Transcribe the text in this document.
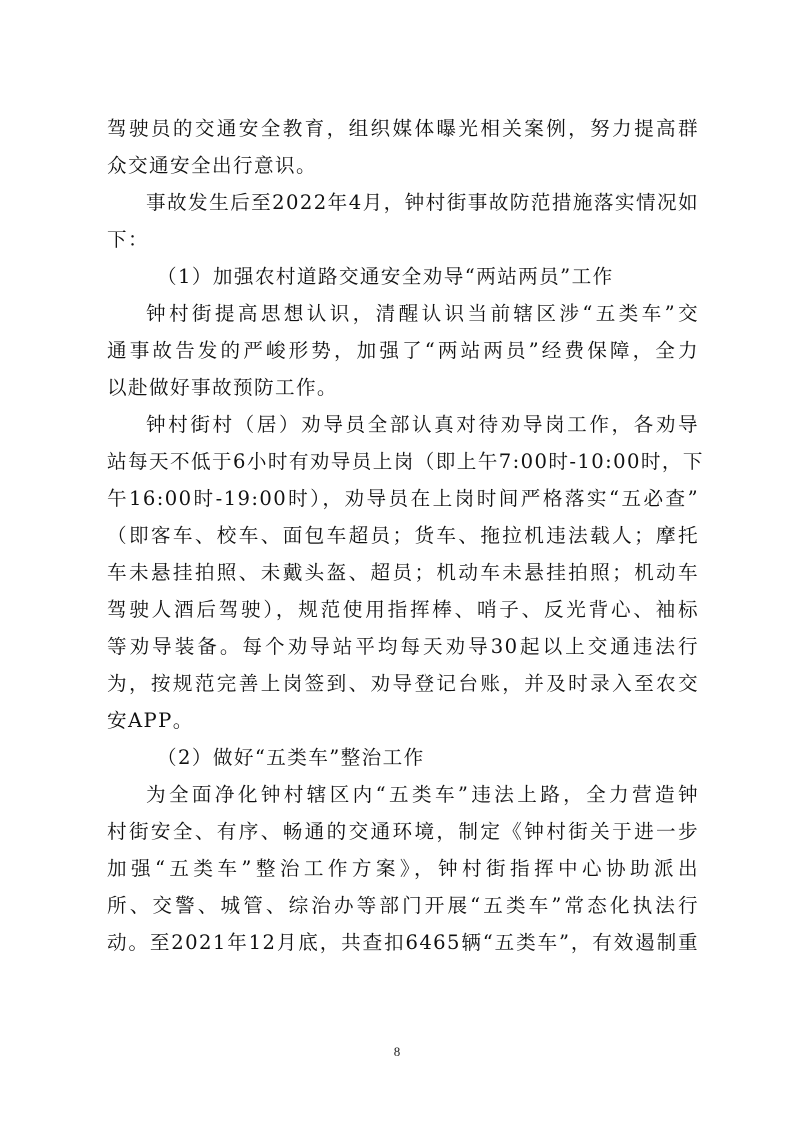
驾驶员的交通安全教育，组织媒体曝光相关案例，努力提高群
众交通安全出行意识。
事故发生后至2022年4月，钟村街事故防范措施落实情况如
下：
（1）加强农村道路交通安全劝导“两站两员”工作
钟村街提高思想认识，清醒认识当前辖区涉“五类车”交
通事故告发的严峻形势，加强了“两站两员”经费保障，全力
以赴做好事故预防工作。
钟村街村（居）劝导员全部认真对待劝导岗工作，各劝导
站每天不低于6小时有劝导员上岗（即上午7:00时-10:00时，下
午16:00时-19:00时），劝导员在上岗时间严格落实“五必查”
（即客车、校车、面包车超员；货车、拖拉机违法载人；摩托
车未悬挂拍照、未戴头盔、超员；机动车未悬挂拍照；机动车
驾驶人酒后驾驶），规范使用指挥棒、哨子、反光背心、袖标
等劝导装备。每个劝导站平均每天劝导30起以上交通违法行
为，按规范完善上岗签到、劝导登记台账，并及时录入至农交
安APP。
（2）做好“五类车”整治工作
为全面净化钟村辖区内“五类车”违法上路，全力营造钟
村街安全、有序、畅通的交通环境，制定《钟村街关于进一步
加强“五类车”整治工作方案》，钟村街指挥中心协助派出
所、交警、城管、综治办等部门开展“五类车”常态化执法行
动。至2021年12月底，共查扣6465辆“五类车”，有效遏制重
8
